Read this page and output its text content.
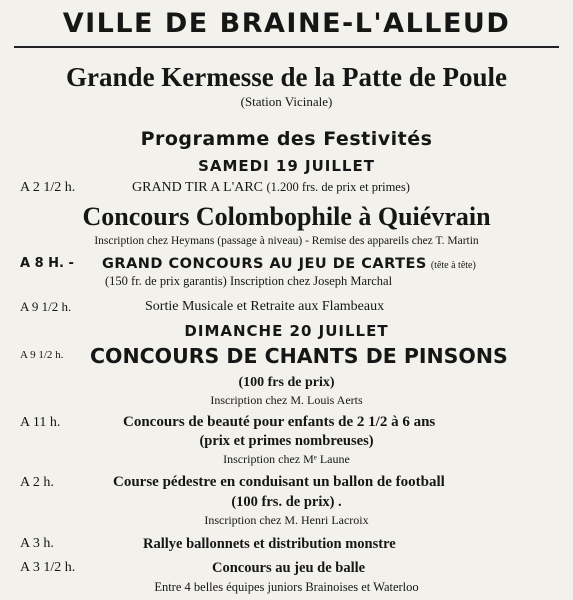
VILLE DE BRAINE-L'ALLEUD
Grande Kermesse de la Patte de Poule
(Station Vicinale)
Programme des Festivités
SAMEDI 19 JUILLET
A 2 1/2 h.	GRAND TIR A L'ARC (1.200 frs. de prix et primes)
Concours Colombophile à Quiévrain
Inscription chez Heymans (passage à niveau) - Remise des appareils chez T. Martin
A 8 H. - GRAND CONCOURS AU JEU DE CARTES (tête à tête)
(150 fr. de prix garantis) Inscription chez Joseph Marchal
A 9 1/2 h.	Sortie Musicale et Retraite aux Flambeaux
DIMANCHE 20 JUILLET
A 9 1/2 h. CONCOURS DE CHANTS DE PINSONS
(100 frs de prix)
Inscription chez M. Louis Aerts
A 11 h.	Concours de beauté pour enfants de 2 1/2 à 6 ans
(prix et primes nombreuses)
Inscription chez Mᵉ Laune
A 2 h.	Course pédestre en conduisant un ballon de football
(100 frs. de prix) .
Inscription chez M. Henri Lacroix
A 3 h.	Rallye ballonnets et distribution monstre
A 3 1/2 h.	Concours au jeu de balle
Entre 4 belles équipes juniors Brainoises et Waterloo
